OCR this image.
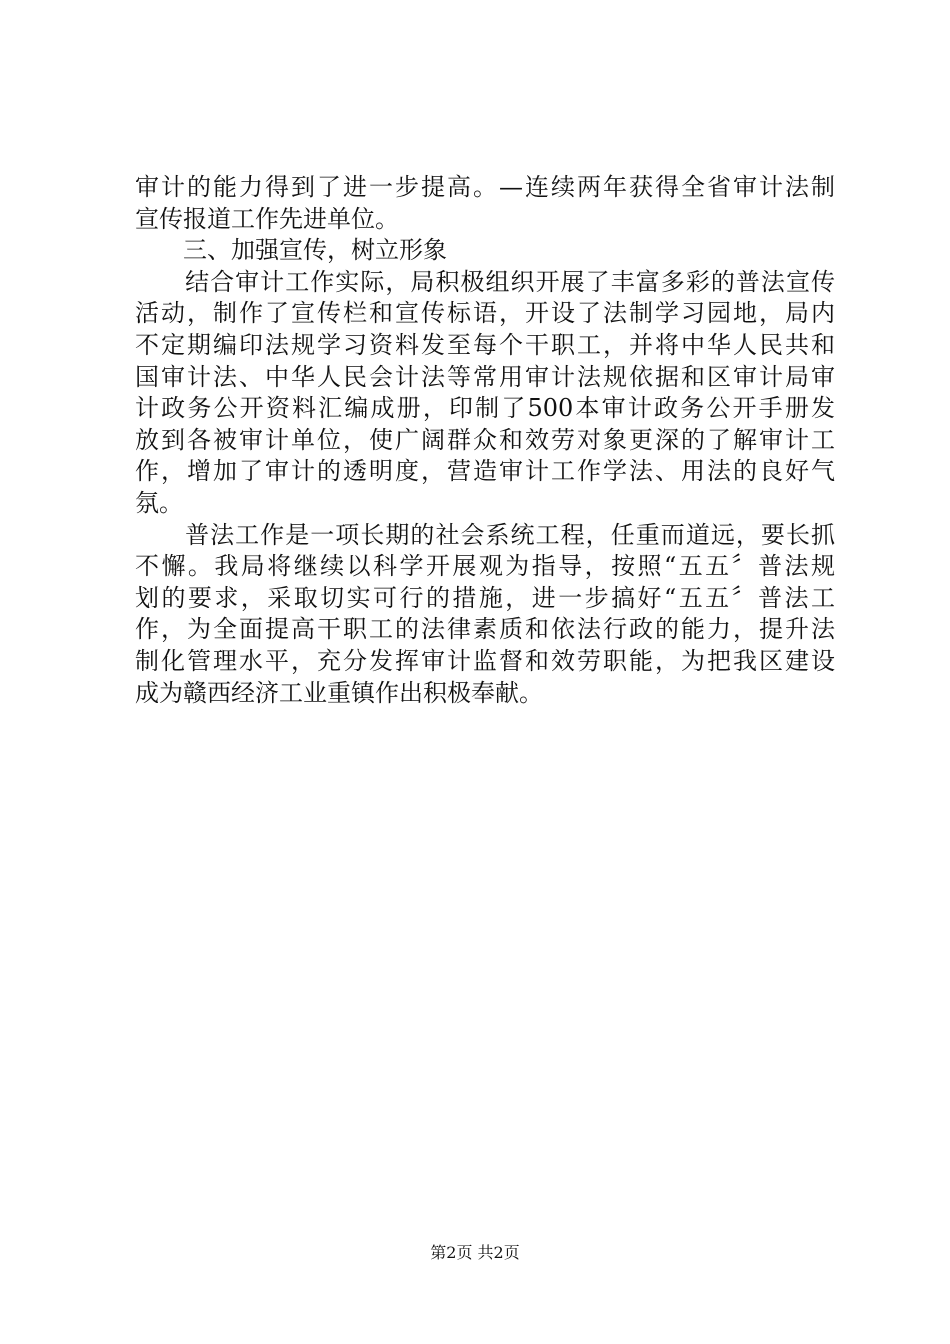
审计的能力得到了进一步提高。—连续两年获得全省审计法制
宣传报道工作先进单位。
　　三、加强宣传，树立形象
　　结合审计工作实际，局积极组织开展了丰富多彩的普法宣传
活动，制作了宣传栏和宣传标语，开设了法制学习园地，局内
不定期编印法规学习资料发至每个干职工，并将中华人民共和
国审计法、中华人民会计法等常用审计法规依据和区审计局审
计政务公开资料汇编成册，印制了500本审计政务公开手册发
放到各被审计单位，使广阔群众和效劳对象更深的了解审计工
作，增加了审计的透明度，营造审计工作学法、用法的良好气
氛。
　　普法工作是一项长期的社会系统工程，任重而道远，要长抓
不懈。我局将继续以科学开展观为指导，按照“五五〞普法规
划的要求，采取切实可行的措施，进一步搞好“五五〞普法工
作，为全面提高干职工的法律素质和依法行政的能力，提升法
制化管理水平，充分发挥审计监督和效劳职能，为把我区建设
成为赣西经济工业重镇作出积极奉献。
第2页 共2页
